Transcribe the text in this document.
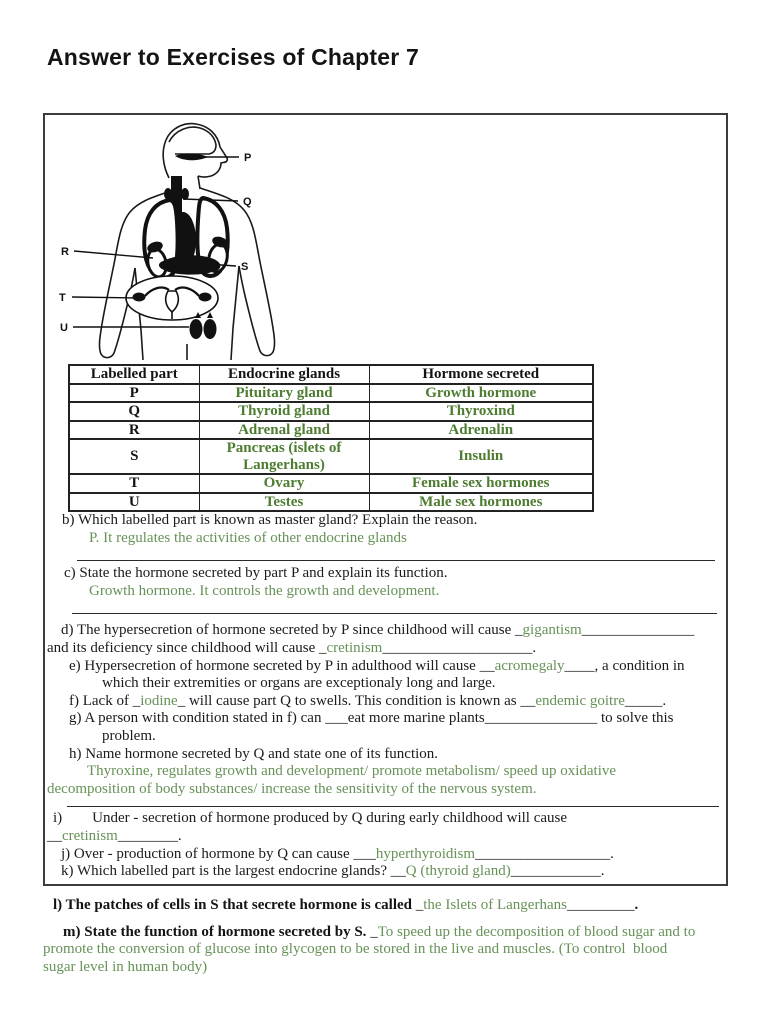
Answer to Exercises of Chapter 7
P
Q
R
S
T
U
Labelled part	Endocrine glands	Hormone secreted
P	Pituitary gland	Growth hormone
Q	Thyroid gland	Thyroxind
R	Adrenal gland	Adrenalin
S	Pancreas (islets of Langerhans)	Insulin
T	Ovary	Female sex hormones
U	Testes	Male sex hormones
b) Which labelled part is known as master gland? Explain the reason.
P. It regulates the activities of other endocrine glands
c) State the hormone secreted by part P and explain its function.
Growth hormone. It controls the growth and development.
d) The hypersecretion of hormone secreted by P since childhood will cause _gigantism_______________
and its deficiency since childhood will cause _cretinism____________________.
e) Hypersecretion of hormone secreted by P in adulthood will cause __acromegaly____, a condition in
which their extremities or organs are exceptionaly long and large.
f) Lack of _iodine_ will cause part Q to swells. This condition is known as __endemic goitre_____.
g) A person with condition stated in f) can ___eat more marine plants_______________ to solve this
problem.
h) Name hormone secreted by Q and state one of its function.
Thyroxine, regulates growth and development/ promote metabolism/ speed up oxidative
decomposition of body substances/ increase the sensitivity of the nervous system.
i)        Under - secretion of hormone produced by Q during early childhood will cause
__cretinism________.
j) Over - production of hormone by Q can cause ___hyperthyroidism__________________.
k) Which labelled part is the largest endocrine glands? __Q (thyroid gland)____________.
l) The patches of cells in S that secrete hormone is called _the Islets of Langerhans_________.
m) State the function of hormone secreted by S. _To speed up the decomposition of blood sugar and to
promote the conversion of glucose into glycogen to be stored in the live and muscles. (To control  blood
sugar level in human body)
